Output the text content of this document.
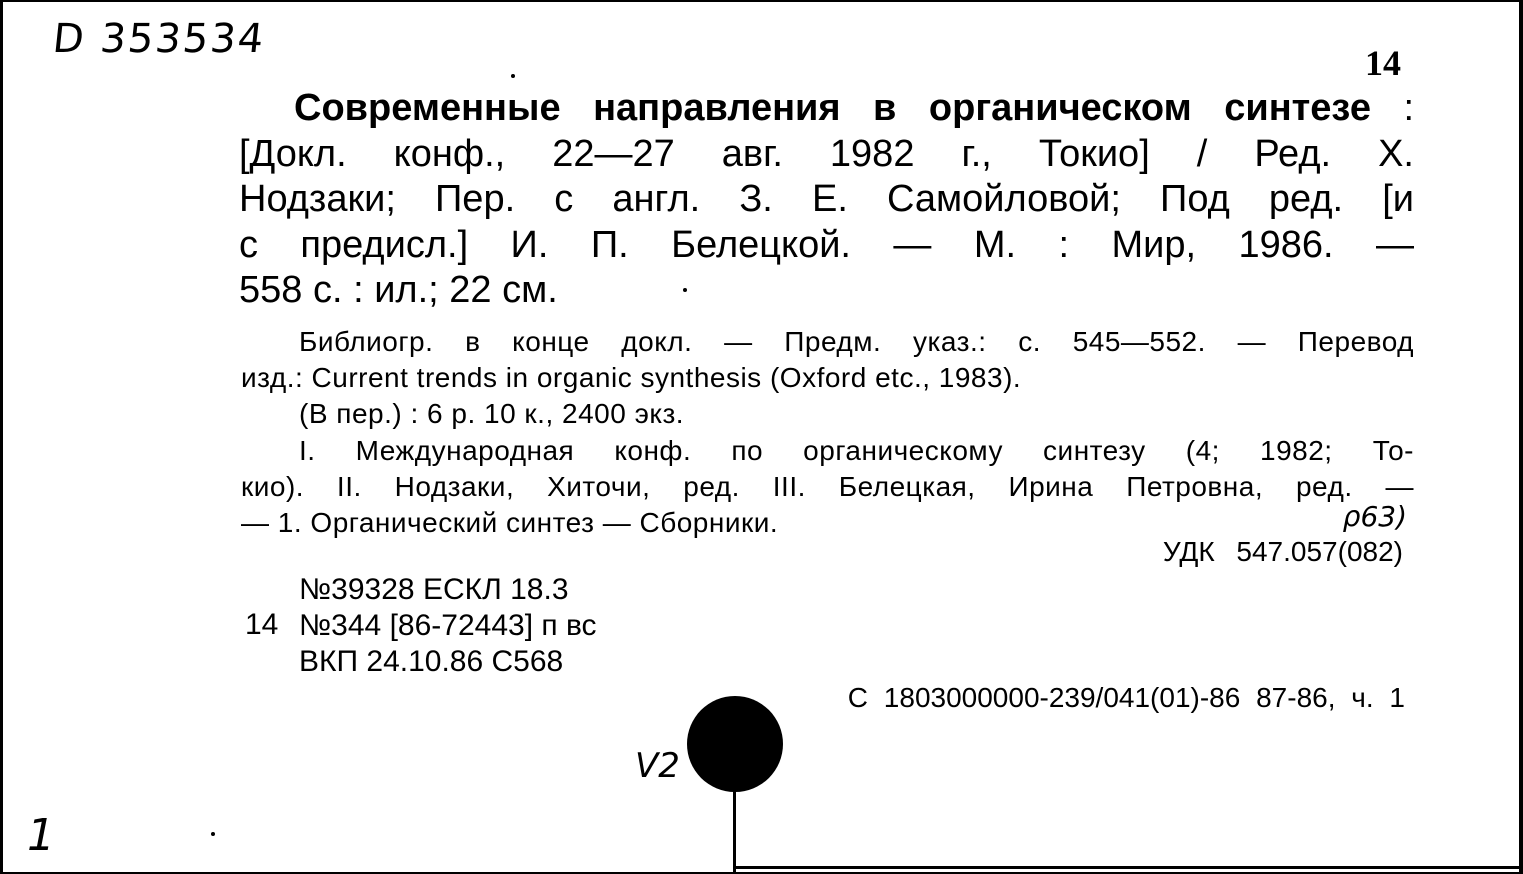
D 353534
14
Современные направления в органическом синтезе :
[Докл. конф., 22—27 авг. 1982 г., Токио] / Ред. Х.
Нодзаки; Пер. с англ. З. Е. Самойловой; Под ред. [и
с предисл.] И. П. Белецкой. — М. : Мир, 1986. —
558 с. : ил.; 22 см.
Библиогр. в конце докл. — Предм. указ.: с. 545—552. — Перевод
изд.: Current trends in organic synthesis (Oxford etc., 1983).
(В пер.) : 6 р. 10 к., 2400 экз.
I. Международная конф. по органическому синтезу (4; 1982; То-
кио). II. Нодзаки, Хиточи, ред. III. Белецкая, Ирина Петровна, ред. —
— 1. Органический синтез — Сборники.	ρ63)
УДК 547.057(082)
14
№39328 ЕСКЛ 18.3
№344 [86-72443] п вс
ВКП 24.10.86 С568
С 1803000000-239/041(01)-86 87-86, ч. 1
V2
1
